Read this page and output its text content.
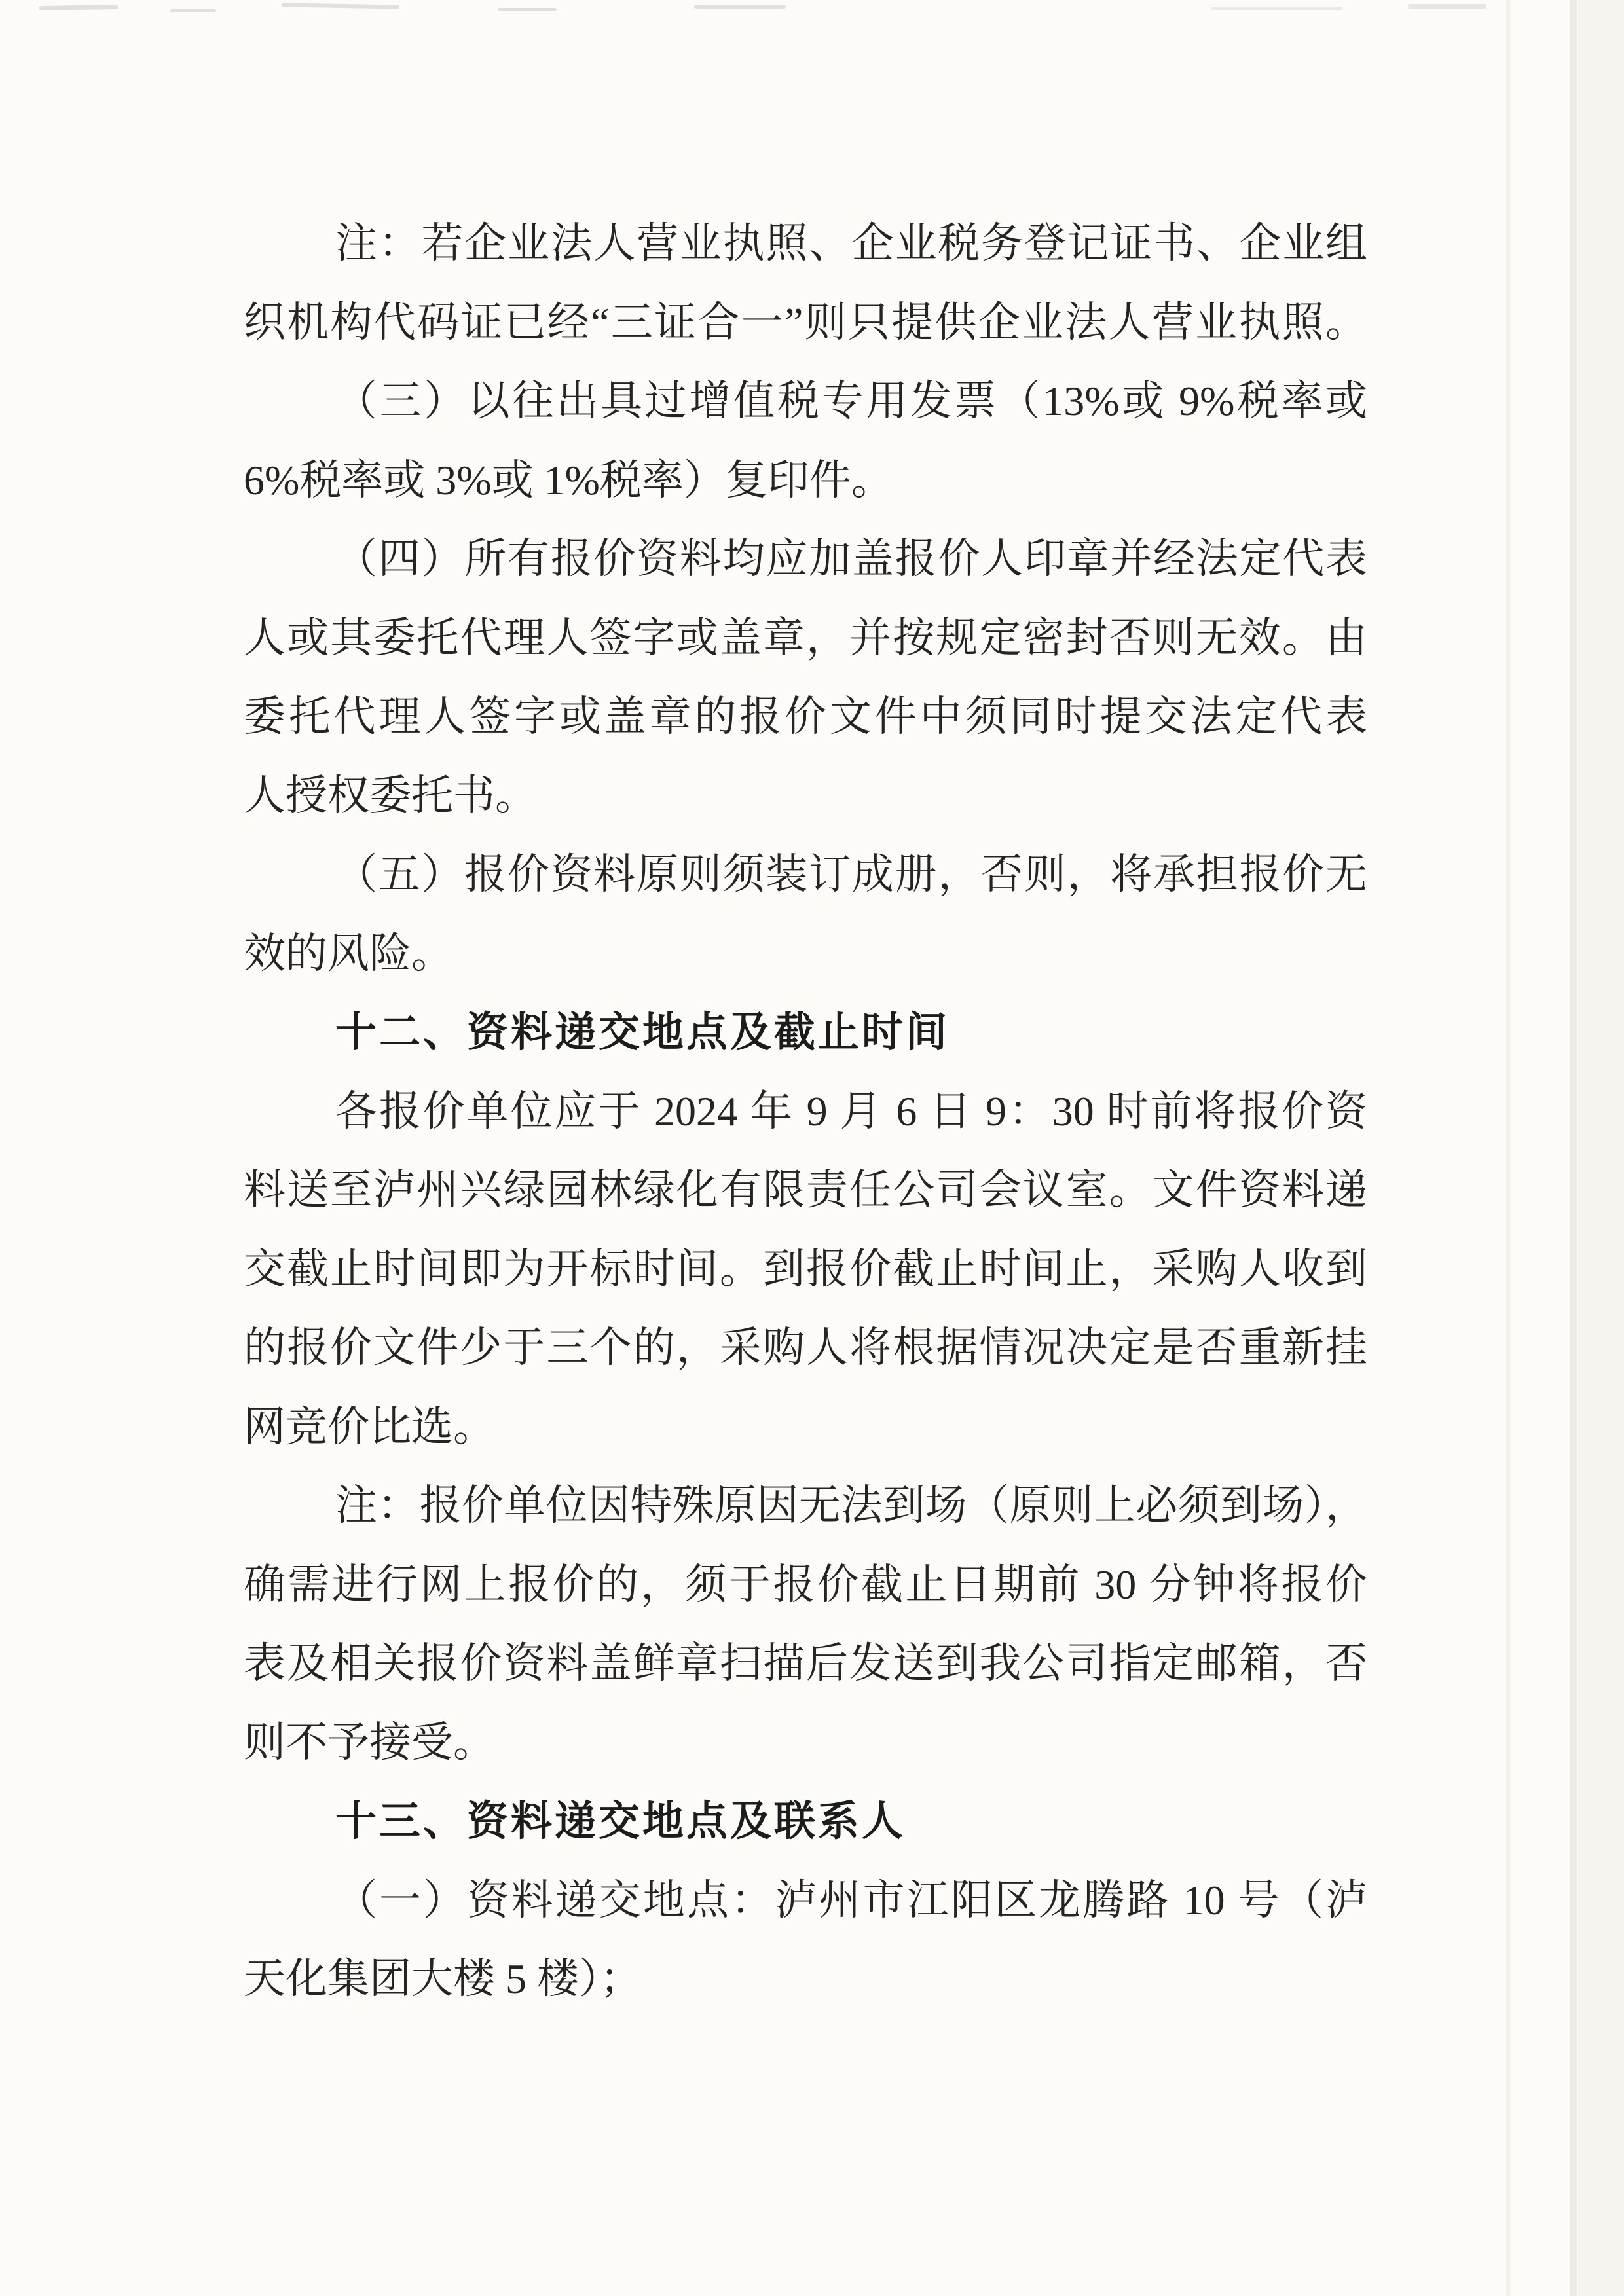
注：若企业法人营业执照、企业税务登记证书、企业组
织机构代码证已经“三证合一”则只提供企业法人营业执照。
（三）以往出具过增值税专用发票（13%或 9%税率或
6%税率或 3%或 1%税率）复印件。
（四）所有报价资料均应加盖报价人印章并经法定代表
人或其委托代理人签字或盖章，并按规定密封否则无效。由
委托代理人签字或盖章的报价文件中须同时提交法定代表
人授权委托书。
（五）报价资料原则须装订成册，否则，将承担报价无
效的风险。
十二、资料递交地点及截止时间
各报价单位应于 2024 年 9 月 6 日 9：30 时前将报价资
料送至泸州兴绿园林绿化有限责任公司会议室。文件资料递
交截止时间即为开标时间。到报价截止时间止，采购人收到
的报价文件少于三个的，采购人将根据情况决定是否重新挂
网竞价比选。
注：报价单位因特殊原因无法到场（原则上必须到场），
确需进行网上报价的，须于报价截止日期前 30 分钟将报价
表及相关报价资料盖鲜章扫描后发送到我公司指定邮箱，否
则不予接受。
十三、资料递交地点及联系人
（一）资料递交地点：泸州市江阳区龙腾路 10 号（泸
天化集团大楼 5 楼）；
